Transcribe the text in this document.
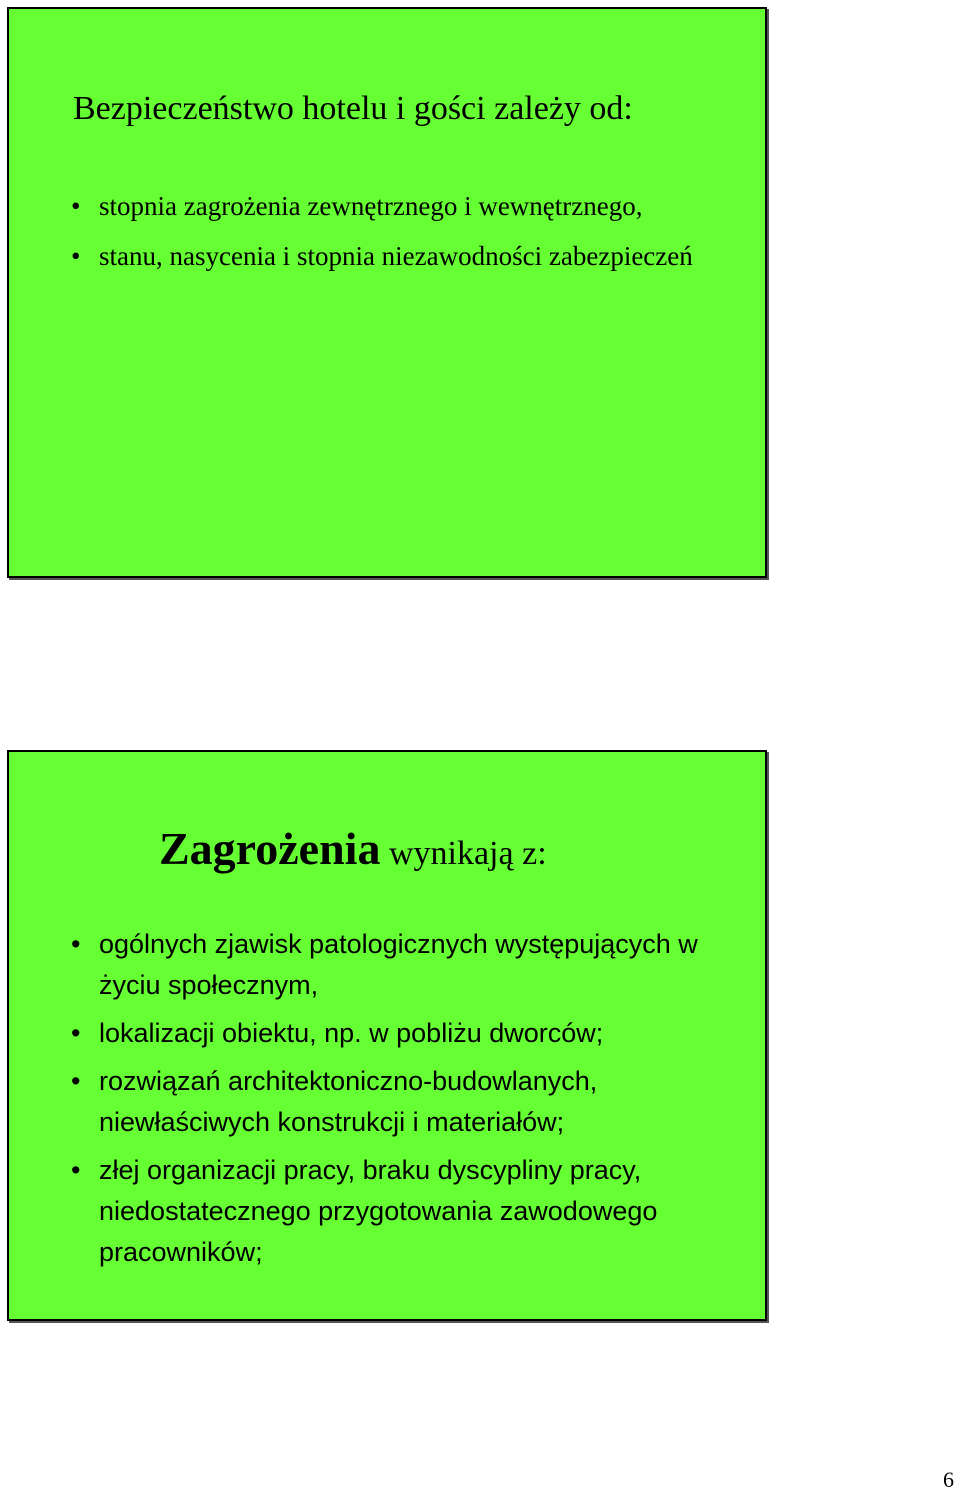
Bezpieczeństwo hotelu i gości zależy od:
• stopnia zagrożenia zewnętrznego i wewnętrznego,
• stanu, nasycenia i stopnia niezawodności zabezpieczeń
Zagrożenia wynikają z:
• ogólnych zjawisk patologicznych występujących w życiu społecznym,
• lokalizacji obiektu, np. w pobliżu dworców;
• rozwiązań architektoniczno-budowlanych, niewłaściwych konstrukcji i materiałów;
• złej organizacji pracy, braku dyscypliny pracy, niedostatecznego przygotowania zawodowego pracowników;
6
